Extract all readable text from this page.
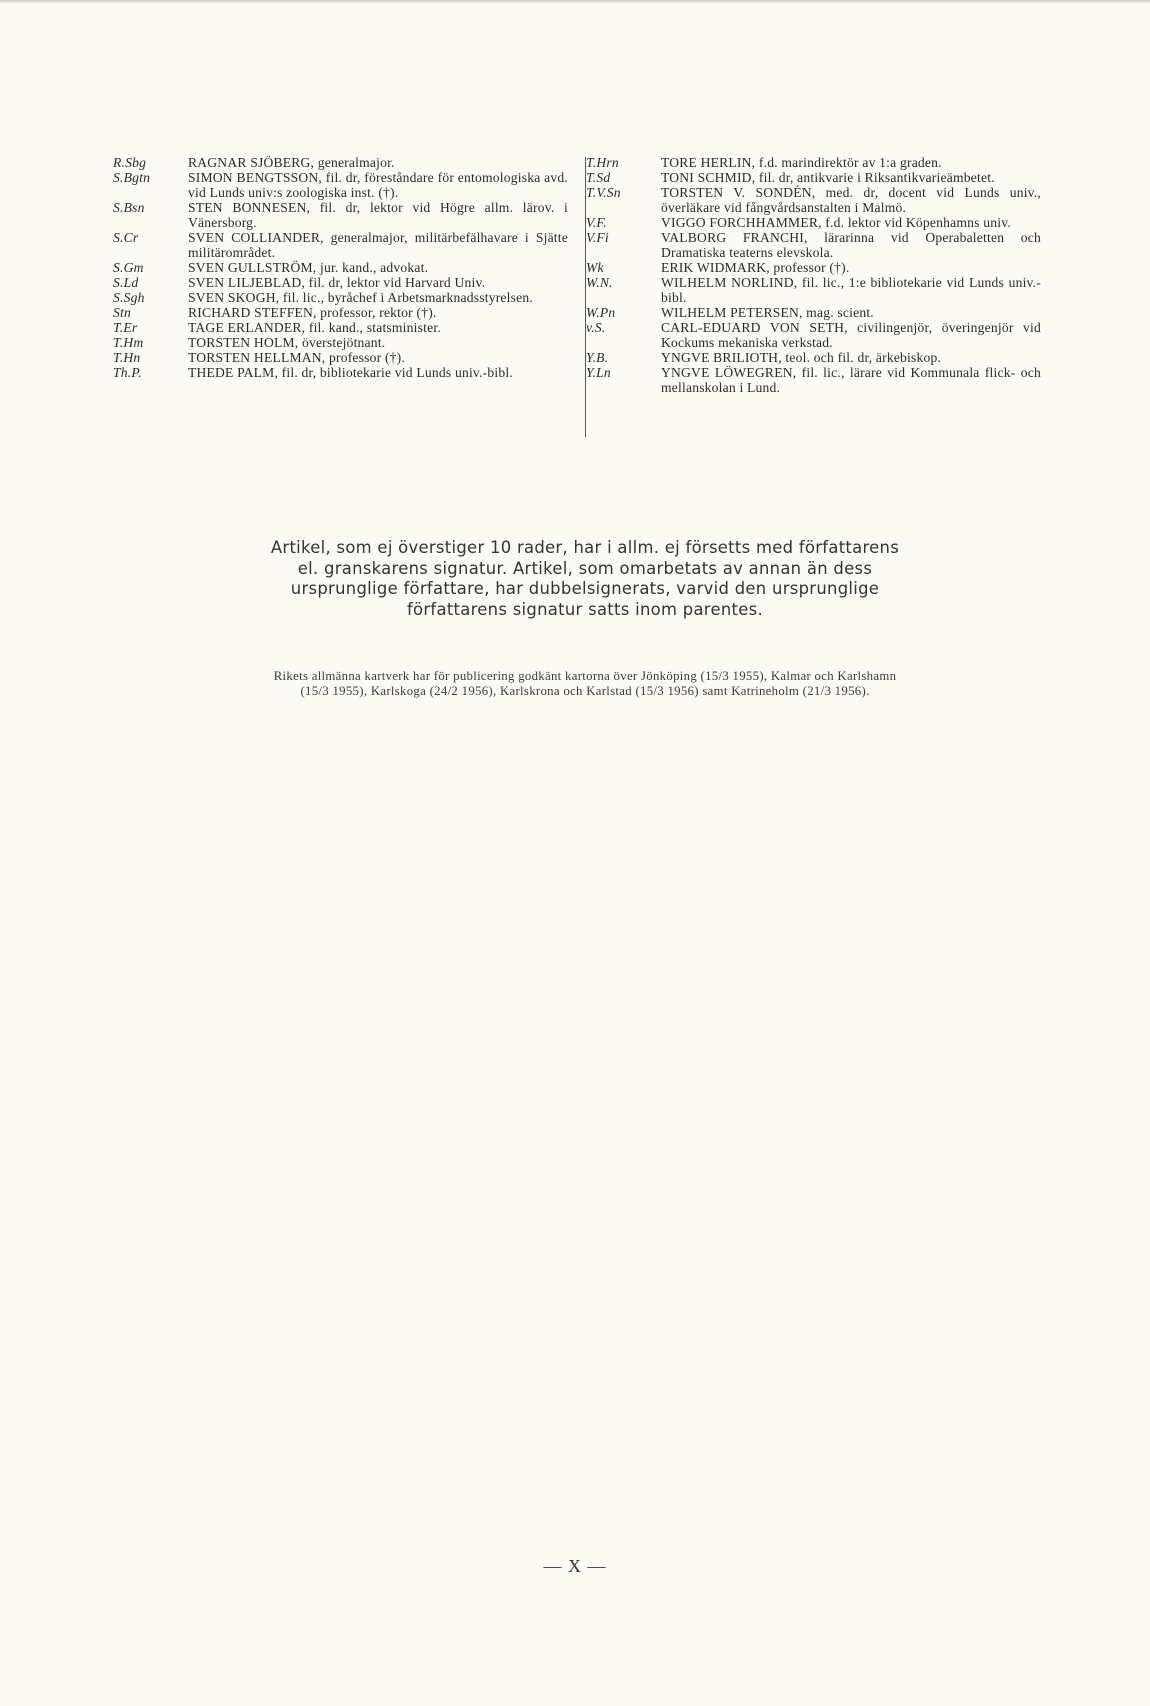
R.Sbg	RAGNAR SJÖBERG, generalmajor.
S.Bgtn	SIMON BENGTSSON, fil. dr, föreståndare för entomologiska avd. vid Lunds univ:s zoologiska inst. (†).
S.Bsn	STEN BONNESEN, fil. dr, lektor vid Högre allm. lärov. i Vänersborg.
S.Cr	SVEN COLLIANDER, generalmajor, militärbefälhavare i Sjätte militärområdet.
S.Gm	SVEN GULLSTRÖM, jur. kand., advokat.
S.Ld	SVEN LILJEBLAD, fil. dr, lektor vid Harvard Univ.
S.Sgh	SVEN SKOGH, fil. lic., byråchef i Arbetsmarknadsstyrelsen.
Stn	RICHARD STEFFEN, professor, rektor (†).
T.Er	TAGE ERLANDER, fil. kand., statsminister.
T.Hm	TORSTEN HOLM, överstejötnant.
T.Hn	TORSTEN HELLMAN, professor (†).
Th.P.	THEDE PALM, fil. dr, bibliotekarie vid Lunds univ.-bibl.
T.Hrn	TORE HERLIN, f.d. marindirektör av 1:a graden.
T.Sd	TONI SCHMID, fil. dr, antikvarie i Riksantikvarieämbetet.
T.V.Sn	TORSTEN V. SONDÉN, med. dr, docent vid Lunds univ., överläkare vid fångvårdsanstalten i Malmö.
V.F.	VIGGO FORCHHAMMER, f.d. lektor vid Köpenhamns univ.
V.Fi	VALBORG FRANCHI, lärarinna vid Operabaletten och Dramatiska teaterns elevskola.
Wk	ERIK WIDMARK, professor (†).
W.N.	WILHELM NORLIND, fil. lic., 1:e bibliotekarie vid Lunds univ.-bibl.
W.Pn	WILHELM PETERSEN, mag. scient.
v.S.	CARL-EDUARD VON SETH, civilingenjör, överingenjör vid Kockums mekaniska verkstad.
Y.B.	YNGVE BRILIOTH, teol. och fil. dr, ärkebiskop.
Y.Ln	YNGVE LÖWEGREN, fil. lic., lärare vid Kommunala flick- och mellanskolan i Lund.

Artikel, som ej överstiger 10 rader, har i allm. ej försetts med författarens el. granskarens signatur. Artikel, som omarbetats av annan än dess ursprunglige författare, har dubbelsignerats, varvid den ursprunglige författarens signatur satts inom parentes.

Rikets allmänna kartverk har för publicering godkänt kartorna över Jönköping (15/3 1955), Kalmar och Karlshamn (15/3 1955), Karlskoga (24/2 1956), Karlskrona och Karlstad (15/3 1956) samt Katrineholm (21/3 1956).

— X —
